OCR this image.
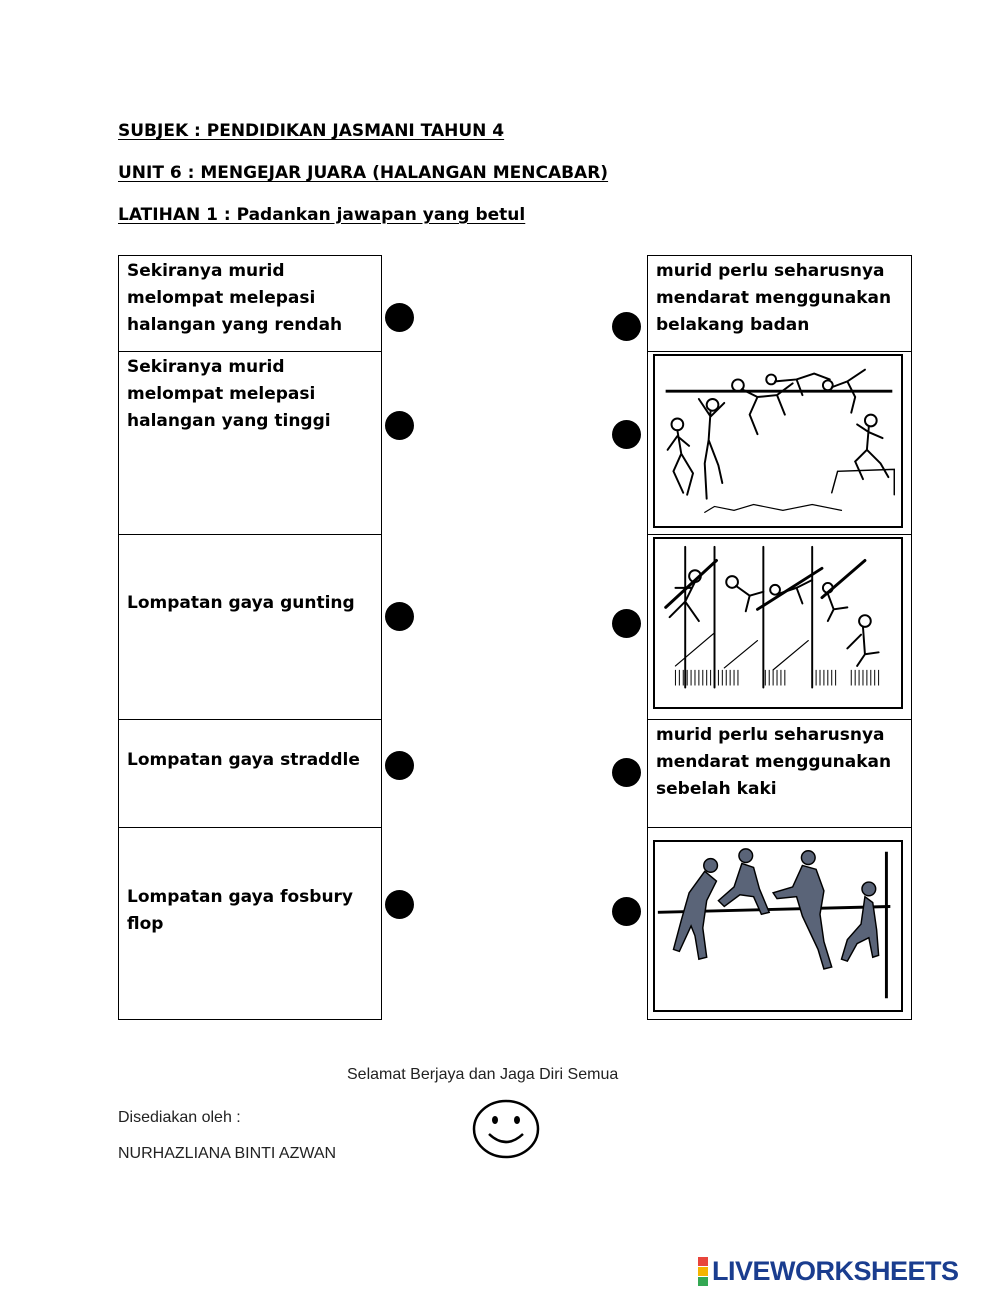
SUBJEK : PENDIDIKAN JASMANI TAHUN 4
UNIT 6 : MENGEJAR JUARA (HALANGAN MENCABAR)
LATIHAN 1 : Padankan jawapan yang betul
Sekiranya murid melompat melepasi halangan yang rendah
Sekiranya murid melompat melepasi halangan yang tinggi
Lompatan gaya gunting
Lompatan gaya straddle
Lompatan gaya fosbury flop
murid perlu seharusnya mendarat menggunakan belakang badan
murid perlu seharusnya mendarat menggunakan sebelah kaki
Selamat Berjaya dan Jaga Diri Semua
Disediakan oleh :
NURHAZLIANA BINTI AZWAN
LIVEWORKSHEETS
